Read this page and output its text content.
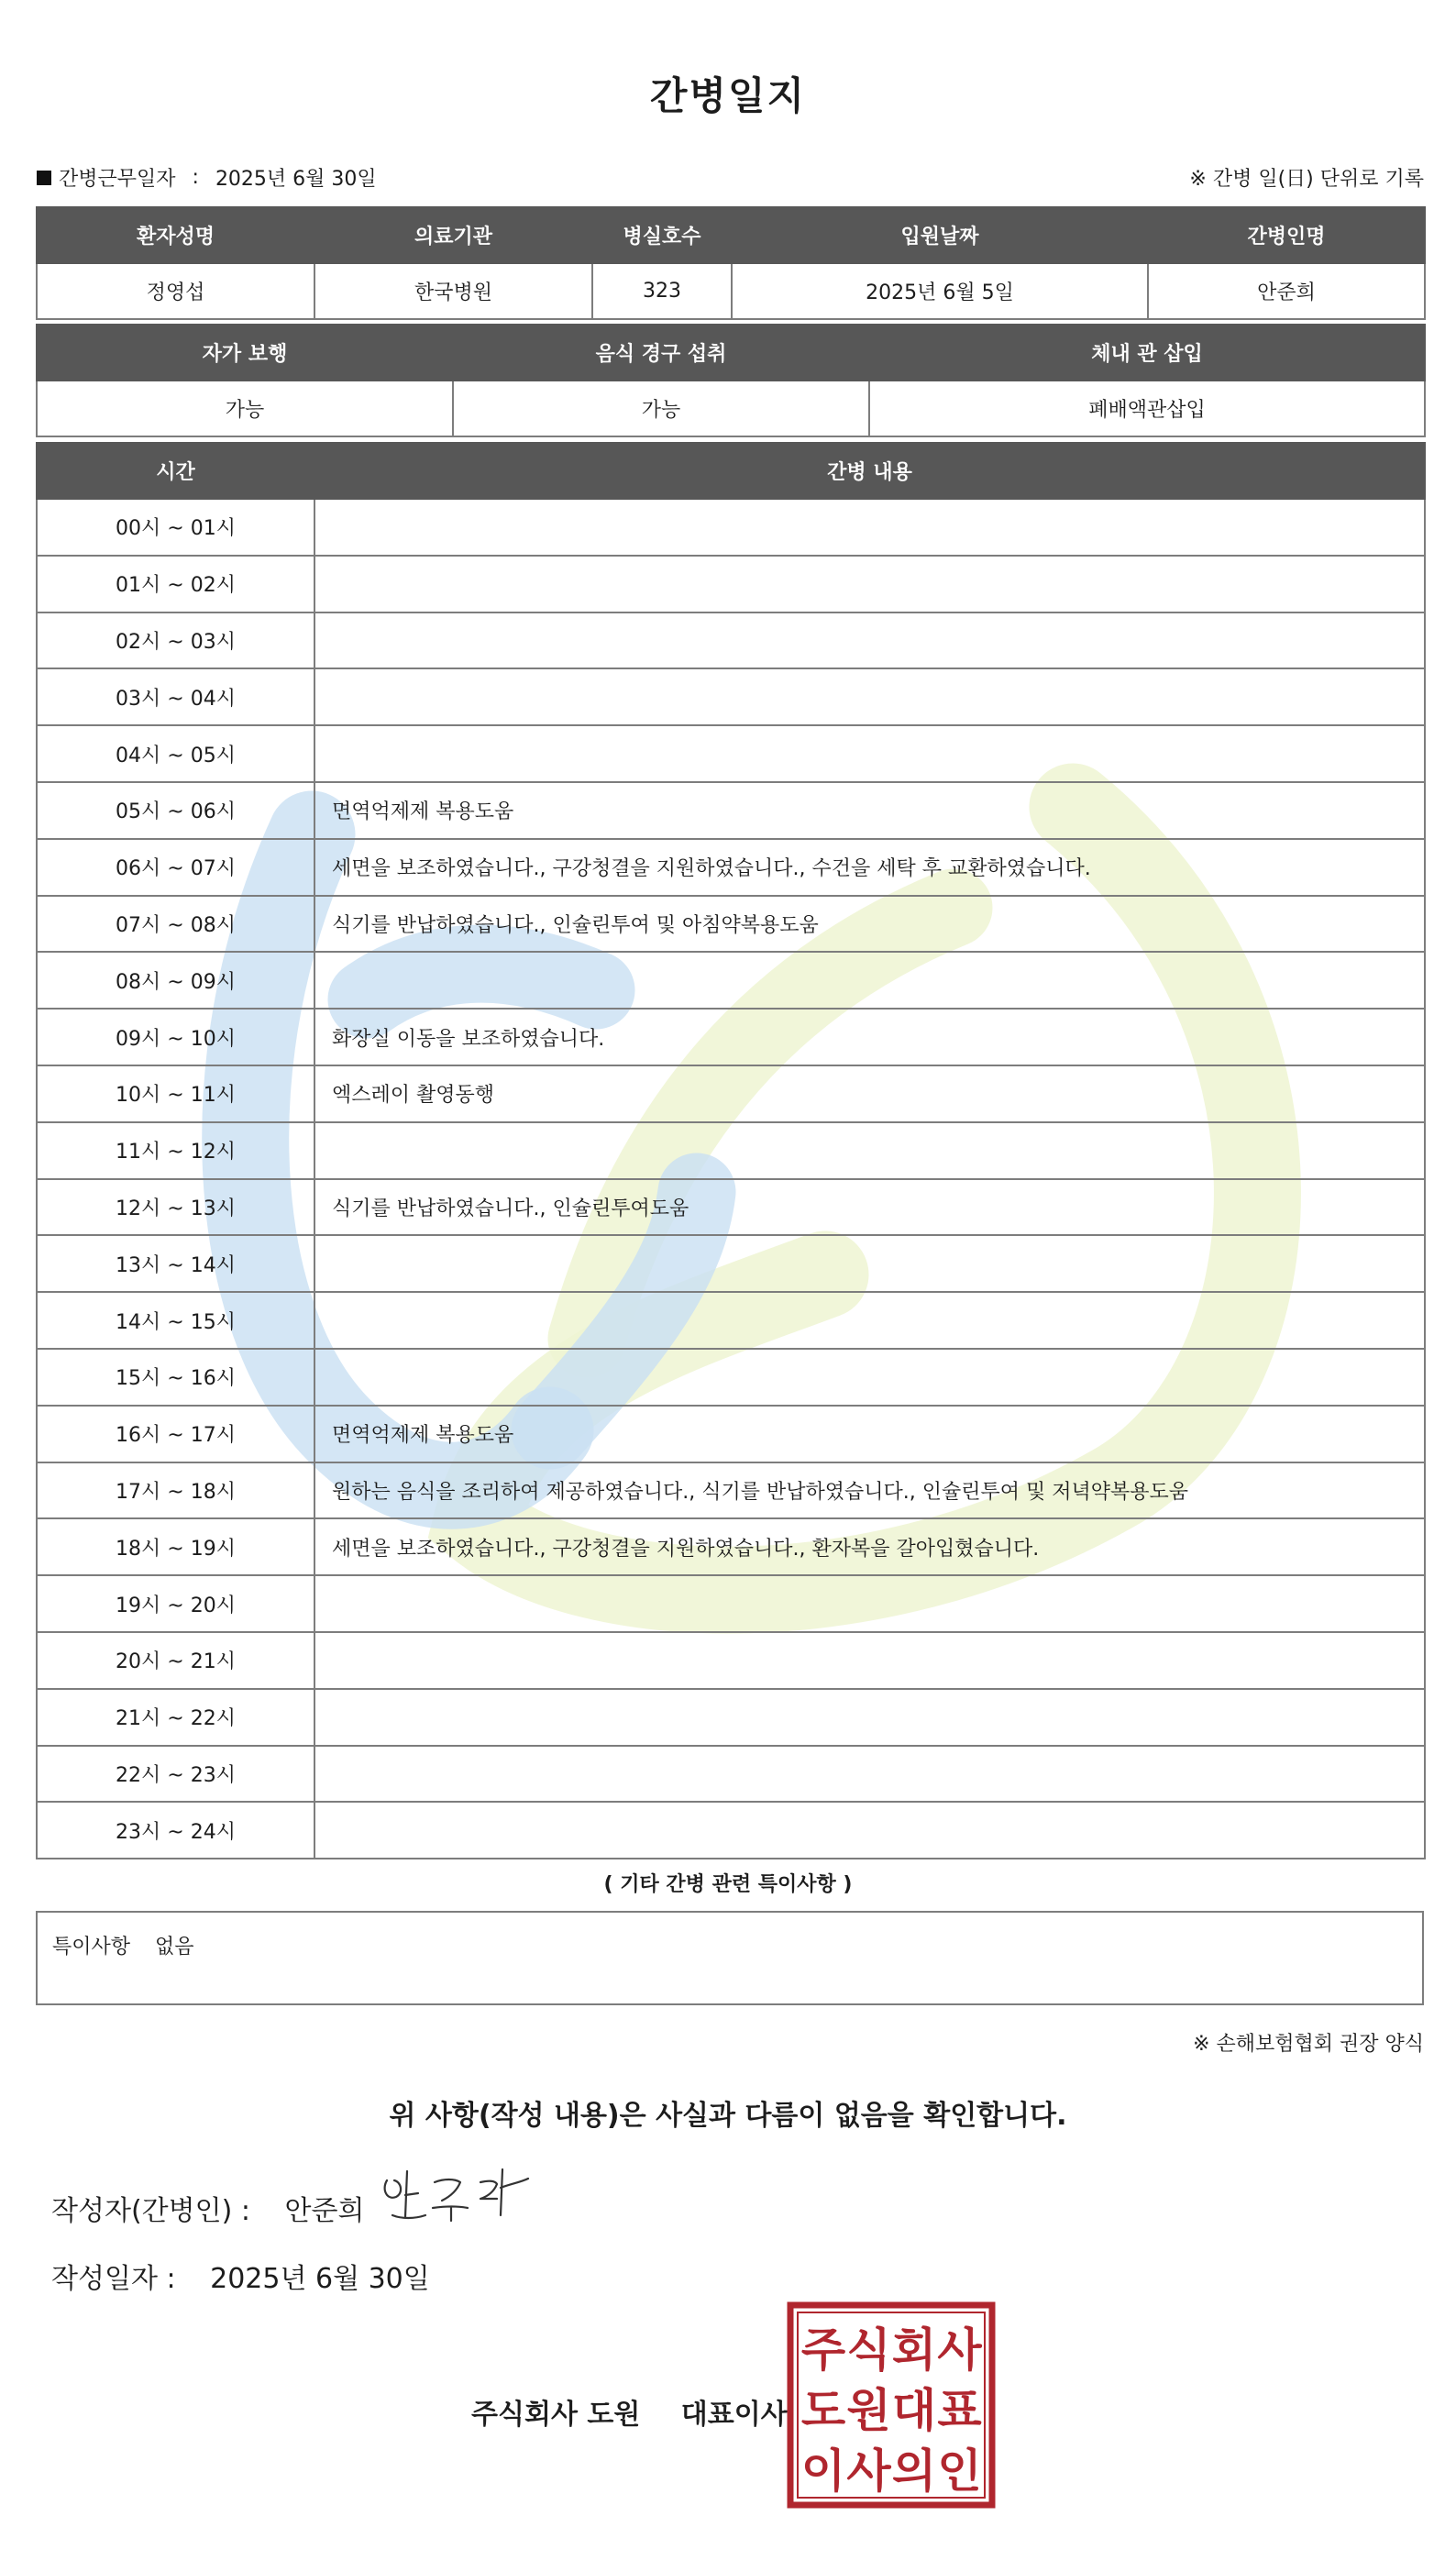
간병일지
간병근무일자 : 2025년 6월 30일	※ 간병 일(日) 단위로 기록
환자성명	의료기관	병실호수	입원날짜	간병인명
정영섭	한국병원	323	2025년 6월 5일	안준희
자가 보행	음식 경구 섭취	체내 관 삽입
가능	가능	폐배액관삽입
시간	간병 내용
00시 ~ 01시	
01시 ~ 02시	
02시 ~ 03시	
03시 ~ 04시	
04시 ~ 05시	
05시 ~ 06시	면역억제제 복용도움
06시 ~ 07시	세면을 보조하였습니다., 구강청결을 지원하였습니다., 수건을 세탁 후 교환하였습니다.
07시 ~ 08시	식기를 반납하였습니다., 인슐린투여 및 아침약복용도움
08시 ~ 09시	
09시 ~ 10시	화장실 이동을 보조하였습니다.
10시 ~ 11시	엑스레이 촬영동행
11시 ~ 12시	
12시 ~ 13시	식기를 반납하였습니다., 인슐린투여도움
13시 ~ 14시	
14시 ~ 15시	
15시 ~ 16시	
16시 ~ 17시	면역억제제 복용도움
17시 ~ 18시	원하는 음식을 조리하여 제공하였습니다., 식기를 반납하였습니다., 인슐린투여 및 저녁약복용도움
18시 ~ 19시	세면을 보조하였습니다., 구강청결을 지원하였습니다., 환자복을 갈아입혔습니다.
19시 ~ 20시	
20시 ~ 21시	
21시 ~ 22시	
22시 ~ 23시	
23시 ~ 24시	
( 기타 간병 관련 특이사항 )
특이사항 없음
※ 손해보험협회 권장 양식
위 사항(작성 내용)은 사실과 다름이 없음을 확인합니다.
작성자(간병인) : 안준희
작성일자 : 2025년 6월 30일
주식회사 도원 대표이사
주 식 회 사
도 원 대 표
이 사 의 인
